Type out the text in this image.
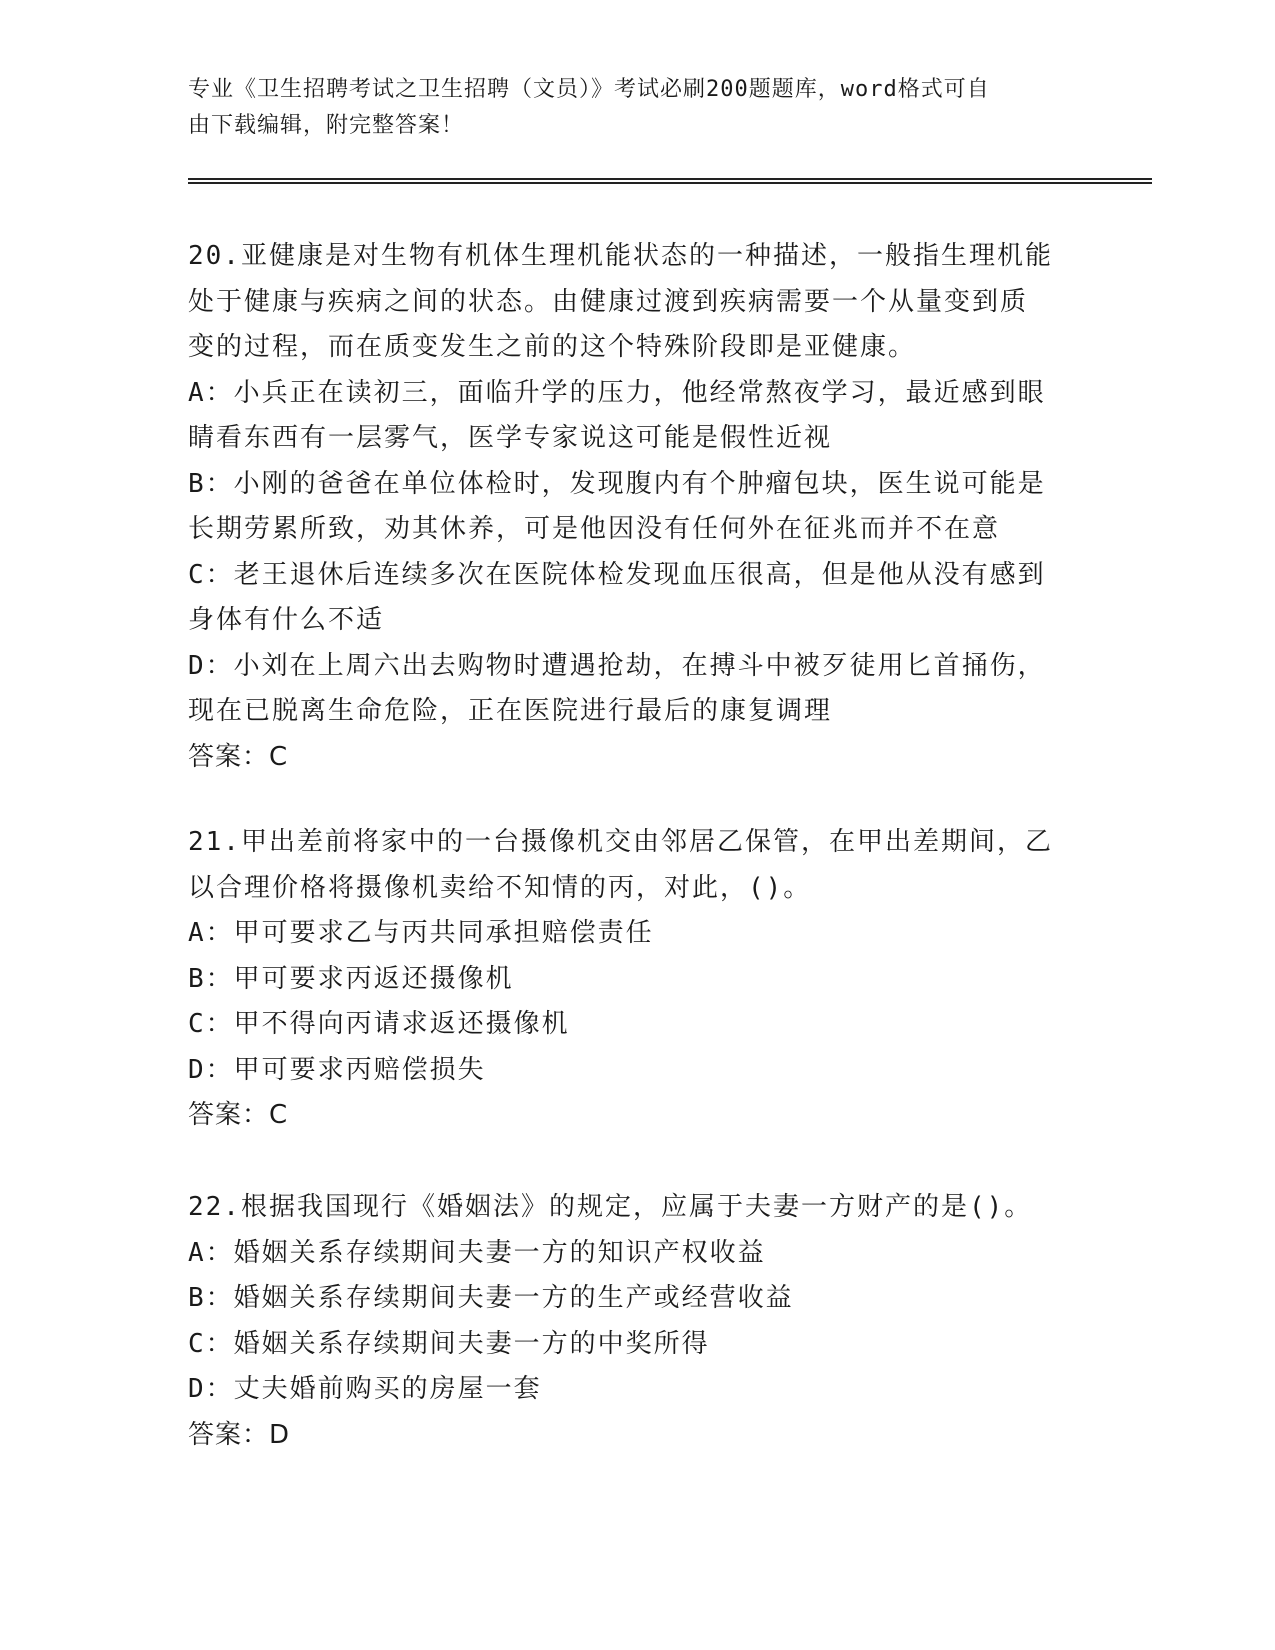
专业《卫生招聘考试之卫生招聘（文员）》考试必刷200题题库，word格式可自
由下载编辑，附完整答案！

20.亚健康是对生物有机体生理机能状态的一种描述，一般指生理机能

处于健康与疾病之间的状态。由健康过渡到疾病需要一个从量变到质

变的过程，而在质变发生之前的这个特殊阶段即是亚健康。

A：小兵正在读初三，面临升学的压力，他经常熬夜学习，最近感到眼

睛看东西有一层雾气，医学专家说这可能是假性近视

B：小刚的爸爸在单位体检时，发现腹内有个肿瘤包块，医生说可能是

长期劳累所致，劝其休养，可是他因没有任何外在征兆而并不在意

C：老王退休后连续多次在医院体检发现血压很高，但是他从没有感到

身体有什么不适

D：小刘在上周六出去购物时遭遇抢劫，在搏斗中被歹徒用匕首捅伤，

现在已脱离生命危险，正在医院进行最后的康复调理

答案：C

21.甲出差前将家中的一台摄像机交由邻居乙保管，在甲出差期间，乙

以合理价格将摄像机卖给不知情的丙，对此，()。

A：甲可要求乙与丙共同承担赔偿责任

B：甲可要求丙返还摄像机

C：甲不得向丙请求返还摄像机

D：甲可要求丙赔偿损失

答案：C

22.根据我国现行《婚姻法》的规定，应属于夫妻一方财产的是()。

A：婚姻关系存续期间夫妻一方的知识产权收益

B：婚姻关系存续期间夫妻一方的生产或经营收益

C：婚姻关系存续期间夫妻一方的中奖所得

D：丈夫婚前购买的房屋一套

答案：D
